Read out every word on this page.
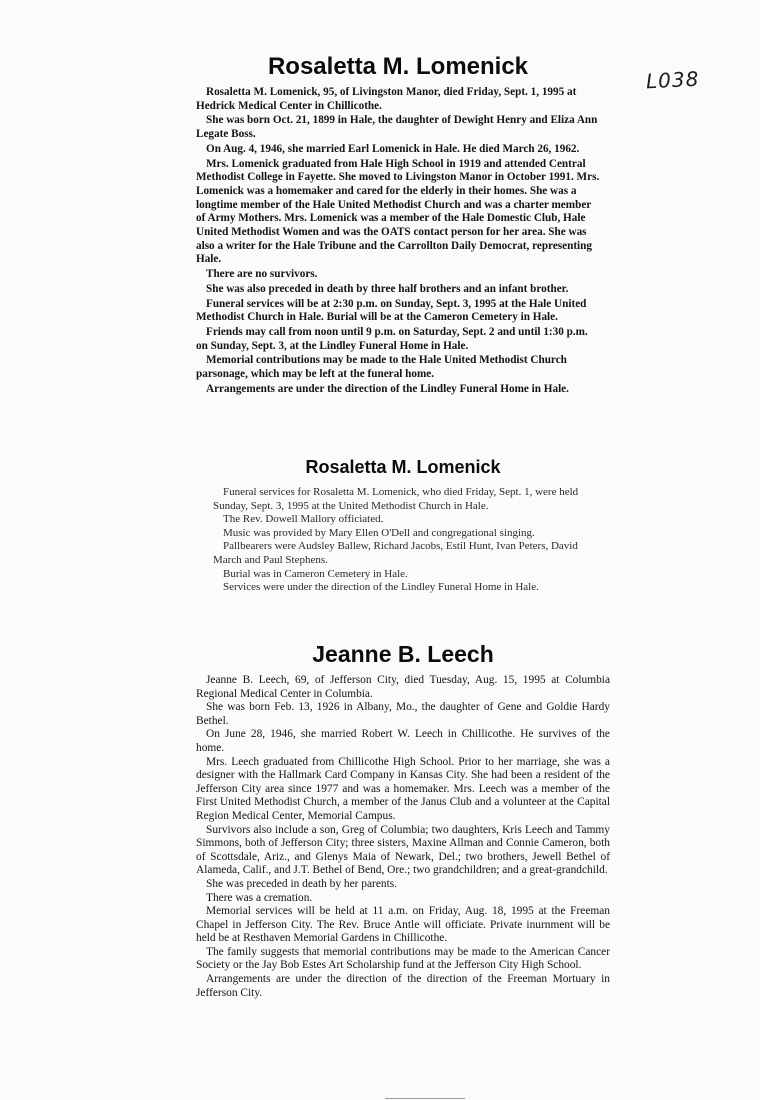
L038
Rosaletta M. Lomenick

Rosaletta M. Lomenick, 95, of Livingston Manor, died Friday, Sept. 1, 1995 at Hedrick Medical Center in Chillicothe.

She was born Oct. 21, 1899 in Hale, the daughter of Dewight Henry and Eliza Ann Legate Boss.

On Aug. 4, 1946, she married Earl Lomenick in Hale. He died March 26, 1962.

Mrs. Lomenick graduated from Hale High School in 1919 and attended Central Methodist College in Fayette. She moved to Livingston Manor in October 1991. Mrs. Lomenick was a homemaker and cared for the elderly in their homes. She was a longtime member of the Hale United Methodist Church and was a charter member of Army Mothers. Mrs. Lomenick was a member of the Hale Domestic Club, Hale United Methodist Women and was the OATS contact person for her area. She was also a writer for the Hale Tribune and the Carrollton Daily Democrat, representing Hale.

There are no survivors.

She was also preceded in death by three half brothers and an infant brother.

Funeral services will be at 2:30 p.m. on Sunday, Sept. 3, 1995 at the Hale United Methodist Church in Hale. Burial will be at the Cameron Cemetery in Hale.

Friends may call from noon until 9 p.m. on Saturday, Sept. 2 and until 1:30 p.m. on Sunday, Sept. 3, at the Lindley Funeral Home in Hale.

Memorial contributions may be made to the Hale United Methodist Church parsonage, which may be left at the funeral home.

Arrangements are under the direction of the Lindley Funeral Home in Hale.

Rosaletta M. Lomenick

Funeral services for Rosaletta M. Lomenick, who died Friday, Sept. 1, were held Sunday, Sept. 3, 1995 at the United Methodist Church in Hale.

The Rev. Dowell Mallory officiated.

Music was provided by Mary Ellen O'Dell and congregational singing.

Pallbearers were Audsley Ballew, Richard Jacobs, Estil Hunt, Ivan Peters, David March and Paul Stephens.

Burial was in Cameron Cemetery in Hale.

Services were under the direction of the Lindley Funeral Home in Hale.

Jeanne B. Leech

Jeanne B. Leech, 69, of Jefferson City, died Tuesday, Aug. 15, 1995 at Columbia Regional Medical Center in Columbia.

She was born Feb. 13, 1926 in Albany, Mo., the daughter of Gene and Goldie Hardy Bethel.

On June 28, 1946, she married Robert W. Leech in Chillicothe. He survives of the home.

Mrs. Leech graduated from Chillicothe High School. Prior to her marriage, she was a designer with the Hallmark Card Company in Kansas City. She had been a resident of the Jefferson City area since 1977 and was a homemaker. Mrs. Leech was a member of the First United Methodist Church, a member of the Janus Club and a volunteer at the Capital Region Medical Center, Memorial Campus.

Survivors also include a son, Greg of Columbia; two daughters, Kris Leech and Tammy Simmons, both of Jefferson City; three sisters, Maxine Allman and Connie Cameron, both of Scottsdale, Ariz., and Glenys Maia of Newark, Del.; two brothers, Jewell Bethel of Alameda, Calif., and J.T. Bethel of Bend, Ore.; two grandchildren; and a great-grandchild.

She was preceded in death by her parents.

There was a cremation.

Memorial services will be held at 11 a.m. on Friday, Aug. 18, 1995 at the Freeman Chapel in Jefferson City. The Rev. Bruce Antle will officiate. Private inurnment will be held be at Resthaven Memorial Gardens in Chillicothe.

The family suggests that memorial contributions may be made to the American Cancer Society or the Jay Bob Estes Art Scholarship fund at the Jefferson City High School.

Arrangements are under the direction of the direction of the Freeman Mortuary in Jefferson City.
